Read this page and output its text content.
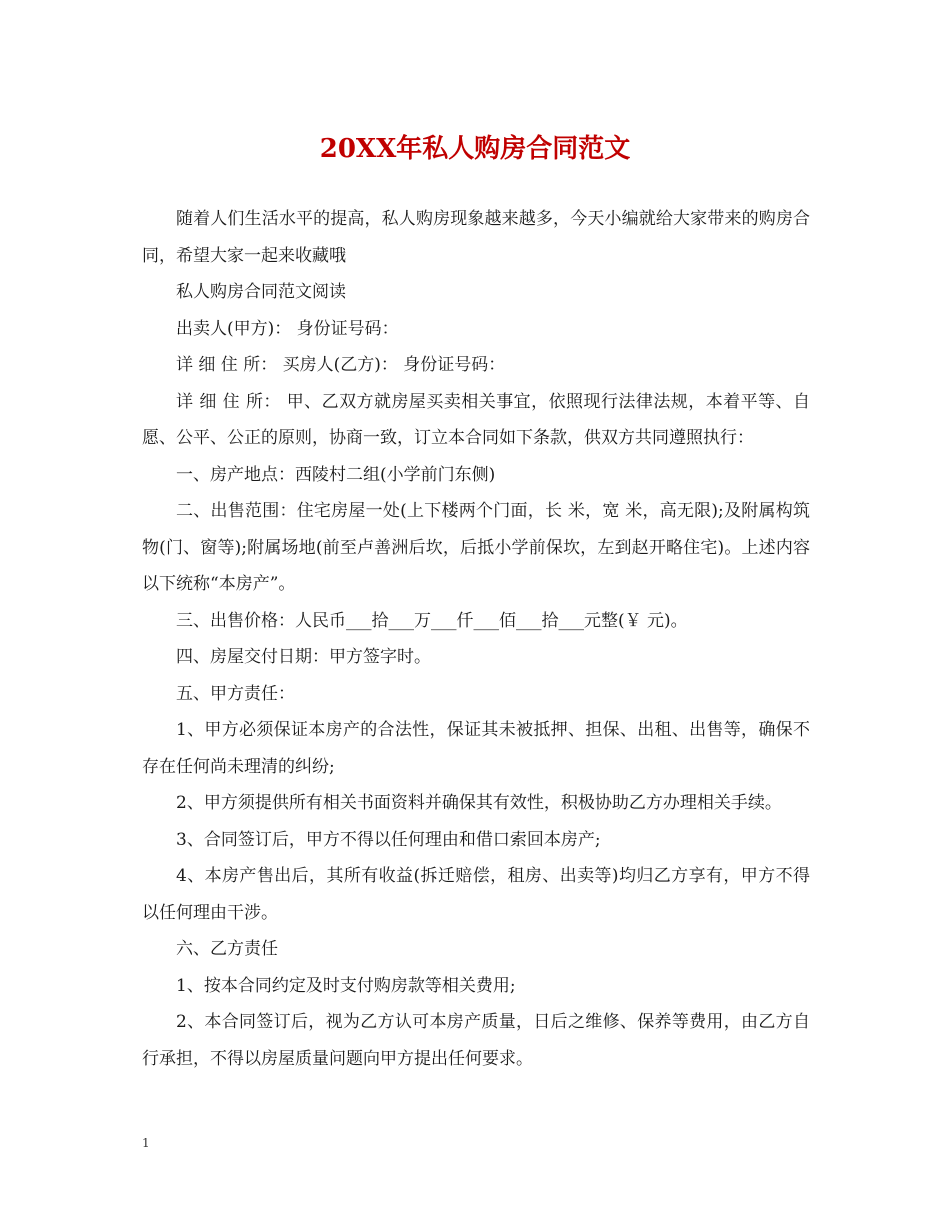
20XX年私人购房合同范文

随着人们生活水平的提高，私人购房现象越来越多，今天小编就给大家带来的购房合同，希望大家一起来收藏哦

私人购房合同范文阅读

出卖人(甲方)： 身份证号码：

详 细 住 所： 买房人(乙方)： 身份证号码：

详 细 住 所： 甲、乙双方就房屋买卖相关事宜，依照现行法律法规，本着平等、自愿、公平、公正的原则，协商一致，订立本合同如下条款，供双方共同遵照执行：

一、房产地点：西陵村二组(小学前门东侧)

二、出售范围：住宅房屋一处(上下楼两个门面，长 米，宽 米，高无限);及附属构筑物(门、窗等);附属场地(前至卢善洲后坎，后抵小学前保坎，左到赵开略住宅)。上述内容以下统称“本房产”。

三、出售价格：人民币___拾___万___仟___佰___拾___元整(￥ 元)。

四、房屋交付日期：甲方签字时。

五、甲方责任：

1、甲方必须保证本房产的合法性，保证其未被抵押、担保、出租、出售等，确保不存在任何尚未理清的纠纷;

2、甲方须提供所有相关书面资料并确保其有效性，积极协助乙方办理相关手续。

3、合同签订后，甲方不得以任何理由和借口索回本房产;

4、本房产售出后，其所有收益(拆迁赔偿，租房、出卖等)均归乙方享有，甲方不得以任何理由干涉。

六、乙方责任

1、按本合同约定及时支付购房款等相关费用;

2、本合同签订后，视为乙方认可本房产质量，日后之维修、保养等费用，由乙方自行承担，不得以房屋质量问题向甲方提出任何要求。

1
